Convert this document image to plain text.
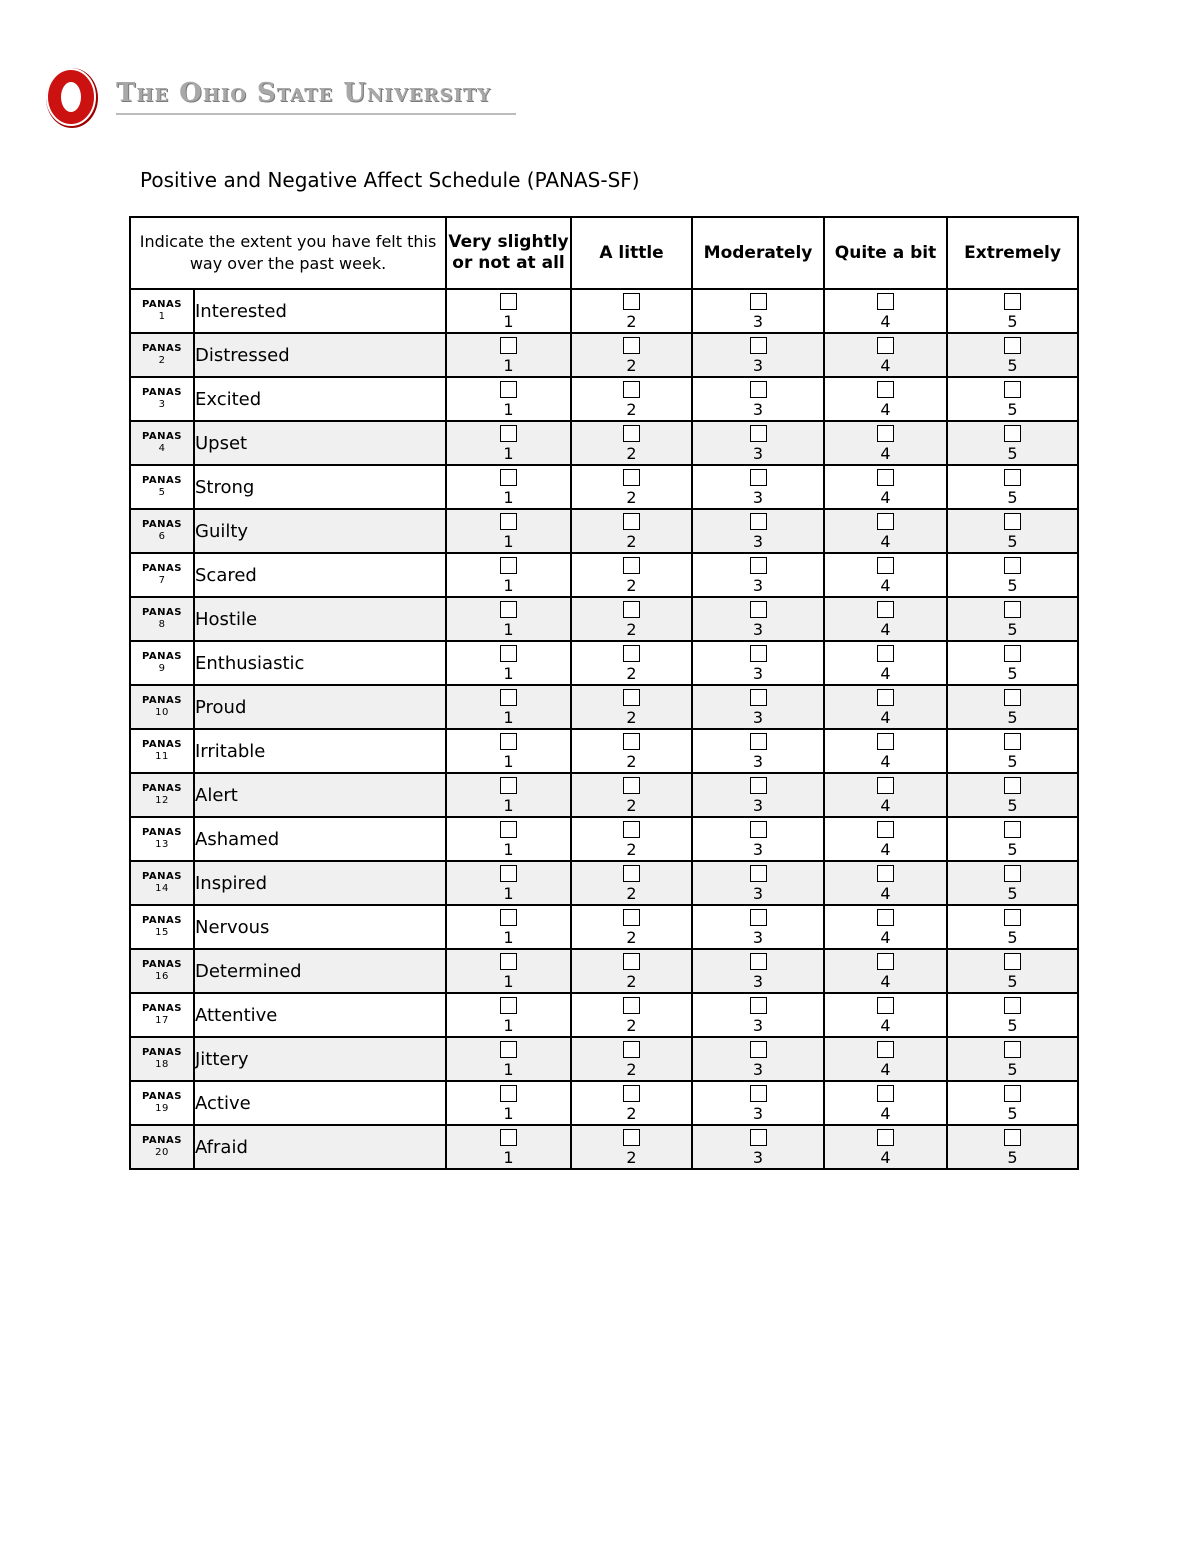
The Ohio State University
Positive and Negative Affect Schedule (PANAS-SF)
Indicate the extent you have felt this way over the past week.		Very slightly or not at all	A little	Moderately	Quite a bit	Extremely

PANAS
1	Interested	1	2	3	4	5

PANAS
2	Distressed	1	2	3	4	5

PANAS
3	Excited	1	2	3	4	5

PANAS
4	Upset	1	2	3	4	5

PANAS
5	Strong	1	2	3	4	5

PANAS
6	Guilty	1	2	3	4	5

PANAS
7	Scared	1	2	3	4	5

PANAS
8	Hostile	1	2	3	4	5

PANAS
9	Enthusiastic	1	2	3	4	5

PANAS
10	Proud	1	2	3	4	5

PANAS
11	Irritable	1	2	3	4	5

PANAS
12	Alert	1	2	3	4	5

PANAS
13	Ashamed	1	2	3	4	5

PANAS
14	Inspired	1	2	3	4	5

PANAS
15	Nervous	1	2	3	4	5

PANAS
16	Determined	1	2	3	4	5

PANAS
17	Attentive	1	2	3	4	5

PANAS
18	Jittery	1	2	3	4	5

PANAS
19	Active	1	2	3	4	5

PANAS
20	Afraid	1	2	3	4	5
